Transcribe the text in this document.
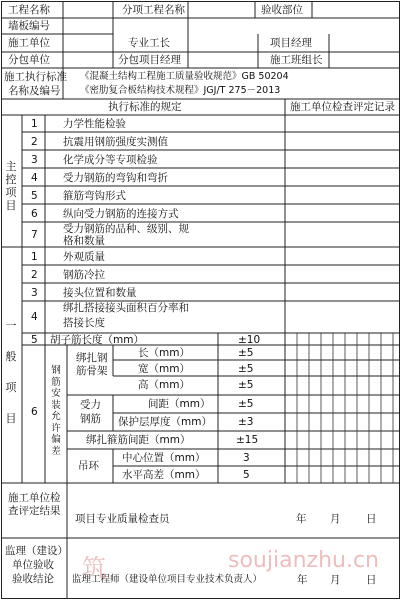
工程名称	分项工程名称	验收部位
墙板编号
施工单位	专业工长	项目经理
分包单位	分包项目经理	施工班组长
施工执行标准
名称及编号
《混凝土结构工程施工质量验收规范》GB 50204
《密肋复合板结构技术规程》JGJ/T 275－2013
执行标准的规定	施工单位检查评定记录
主控项目
1 力学性能检验
2 抗震用钢筋强度实测值
3 化学成分等专项检验
4 受力钢筋的弯钩和弯折
5 箍筋弯钩形式
6 纵向受力钢筋的连接方式
7 受力钢筋的品种、级别、规
格和数量
一般项目
1 外观质量
2 钢筋冷拉
3 接头位置和数量
4
绑扎搭接接头面积百分率和
搭接长度
5 胡子筋长度（mm）	±10
6
钢筋安装允许偏差
绑扎钢
筋骨架
长（mm）	±5
宽（mm）	±5
高（mm）	±5
受力
钢筋
间距（mm）	±5
保护层厚度（mm） ±3
绑扎箍筋间距（mm）	±15
吊环
中心位置（mm）	3
水平高差（mm）	5
施工单位检
查评定结果
项目专业质量检查员	年 月 日
监理（建设）
单位验收
验收结论 监理工程师（建设单位项目专业技术负责人）	年 月 日
筑	soujianzhu.cn
